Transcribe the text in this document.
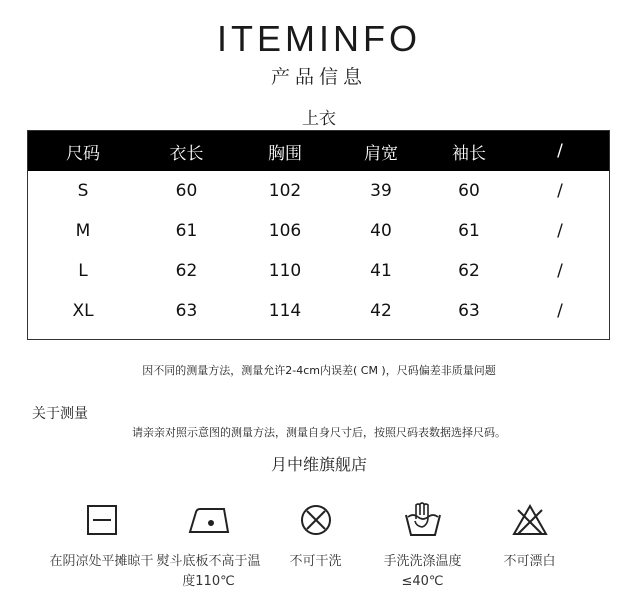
ITEMINFO
产品信息
上衣
尺码	衣长	胸围	肩宽	袖长	/
S	60	102	39	60	/
M	61	106	40	61	/
L	62	110	41	62	/
XL	63	114	42	63	/
因不同的测量方法，测量允许2-4cm内误差( CM )，尺码偏差非质量问题
关于测量
请亲亲对照示意图的测量方法，测量自身尺寸后，按照尺码表数据选择尺码。
月中维旗舰店
在阴凉处平摊晾干 熨斗底板不高于温度110℃
不可干洗	手洗洗涤温度≤40℃
不可漂白
